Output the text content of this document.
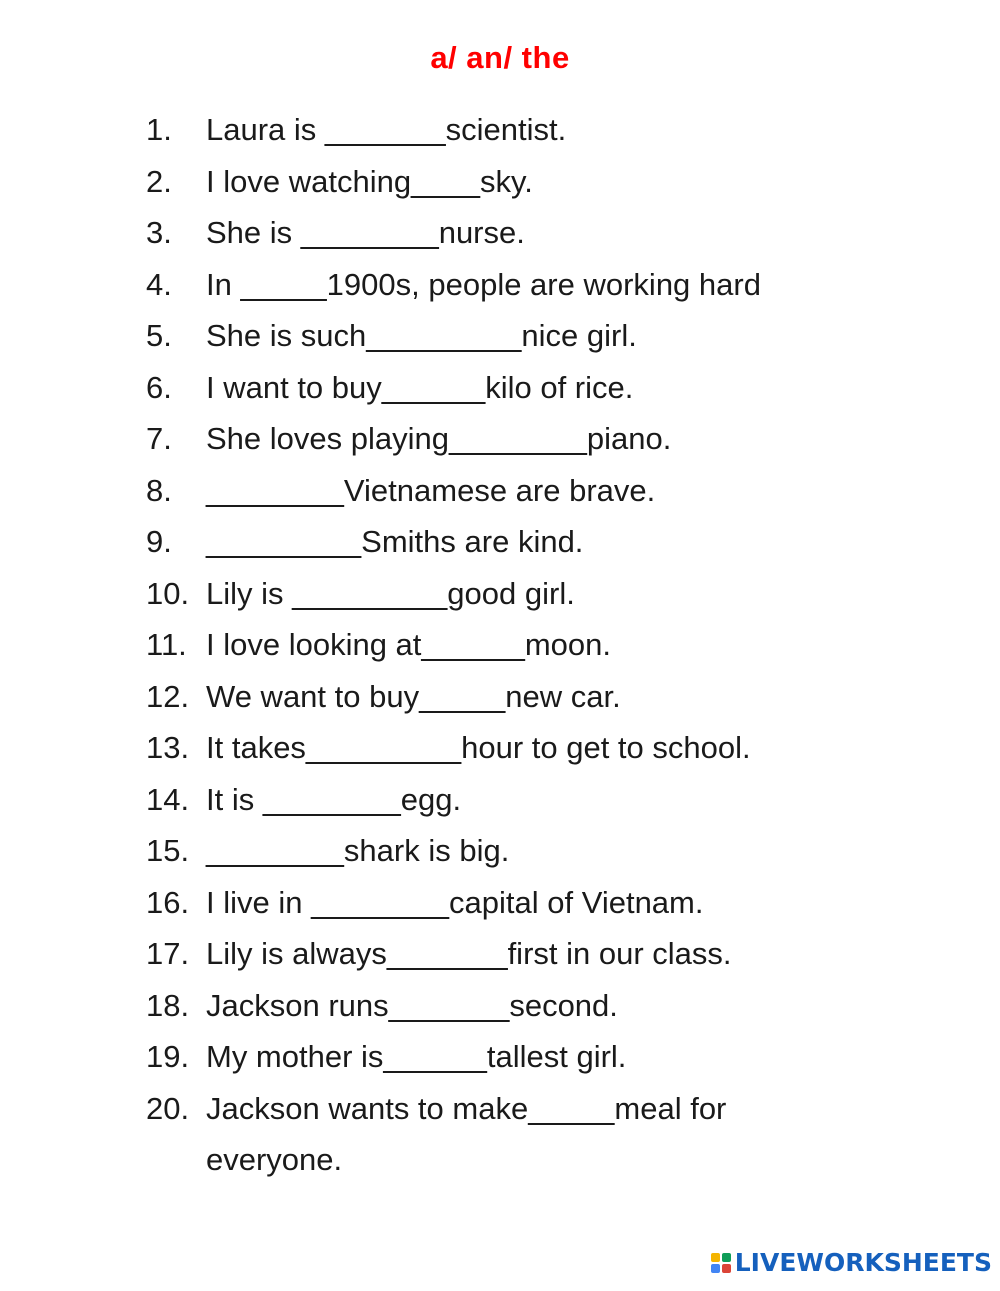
a/ an/ the
1.	Laura is _______scientist.
2.	I love watching____sky.
3.	She is ________nurse.
4.	In _____1900s, people are working hard
5.	She is such_________nice girl.
6.	I want to buy______kilo of rice.
7.	She loves playing________piano.
8.	________Vietnamese are brave.
9.	_________Smiths are kind.
10. Lily is _________good girl.
11. I love looking at______moon.
12. We want to buy_____new car.
13. It takes_________hour to get to school.
14. It is ________egg.
15. ________shark is big.
16. I live in ________capital of Vietnam.
17. Lily is always_______first in our class.
18. Jackson runs_______second.
19. My mother is______tallest girl.
20. Jackson wants to make_____meal for everyone.
LIVEWORKSHEETS
